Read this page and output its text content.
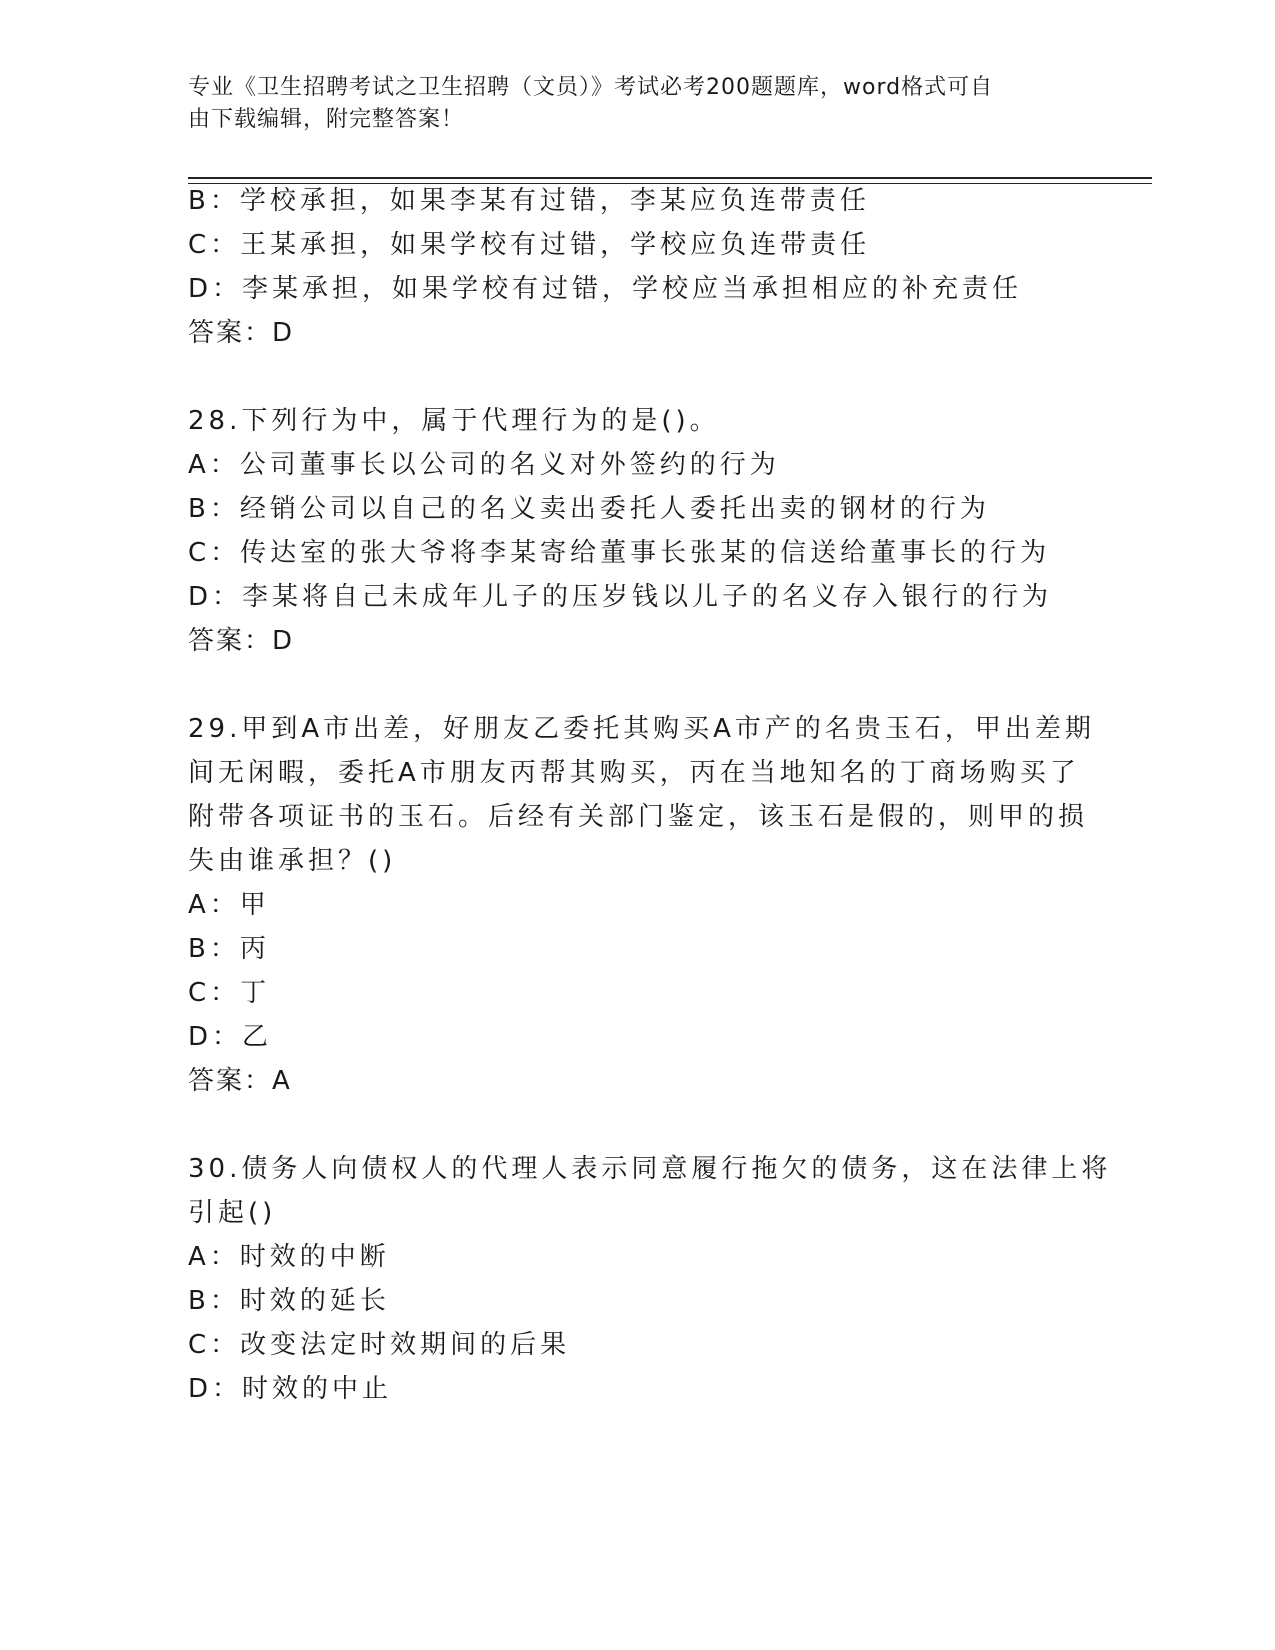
专业《卫生招聘考试之卫生招聘（文员）》考试必考200题题库，word格式可自
由下载编辑，附完整答案！
B：学校承担，如果李某有过错，李某应负连带责任
C：王某承担，如果学校有过错，学校应负连带责任
D：李某承担，如果学校有过错，学校应当承担相应的补充责任
答案：D
28.下列行为中，属于代理行为的是()。
A：公司董事长以公司的名义对外签约的行为
B：经销公司以自己的名义卖出委托人委托出卖的钢材的行为
C：传达室的张大爷将李某寄给董事长张某的信送给董事长的行为
D：李某将自己未成年儿子的压岁钱以儿子的名义存入银行的行为
答案：D
29.甲到A市出差，好朋友乙委托其购买A市产的名贵玉石，甲出差期
间无闲暇，委托A市朋友丙帮其购买，丙在当地知名的丁商场购买了
附带各项证书的玉石。后经有关部门鉴定，该玉石是假的，则甲的损
失由谁承担？()
A：甲
B：丙
C：丁
D：乙
答案：A
30.债务人向债权人的代理人表示同意履行拖欠的债务，这在法律上将
引起()
A：时效的中断
B：时效的延长
C：改变法定时效期间的后果
D：时效的中止
